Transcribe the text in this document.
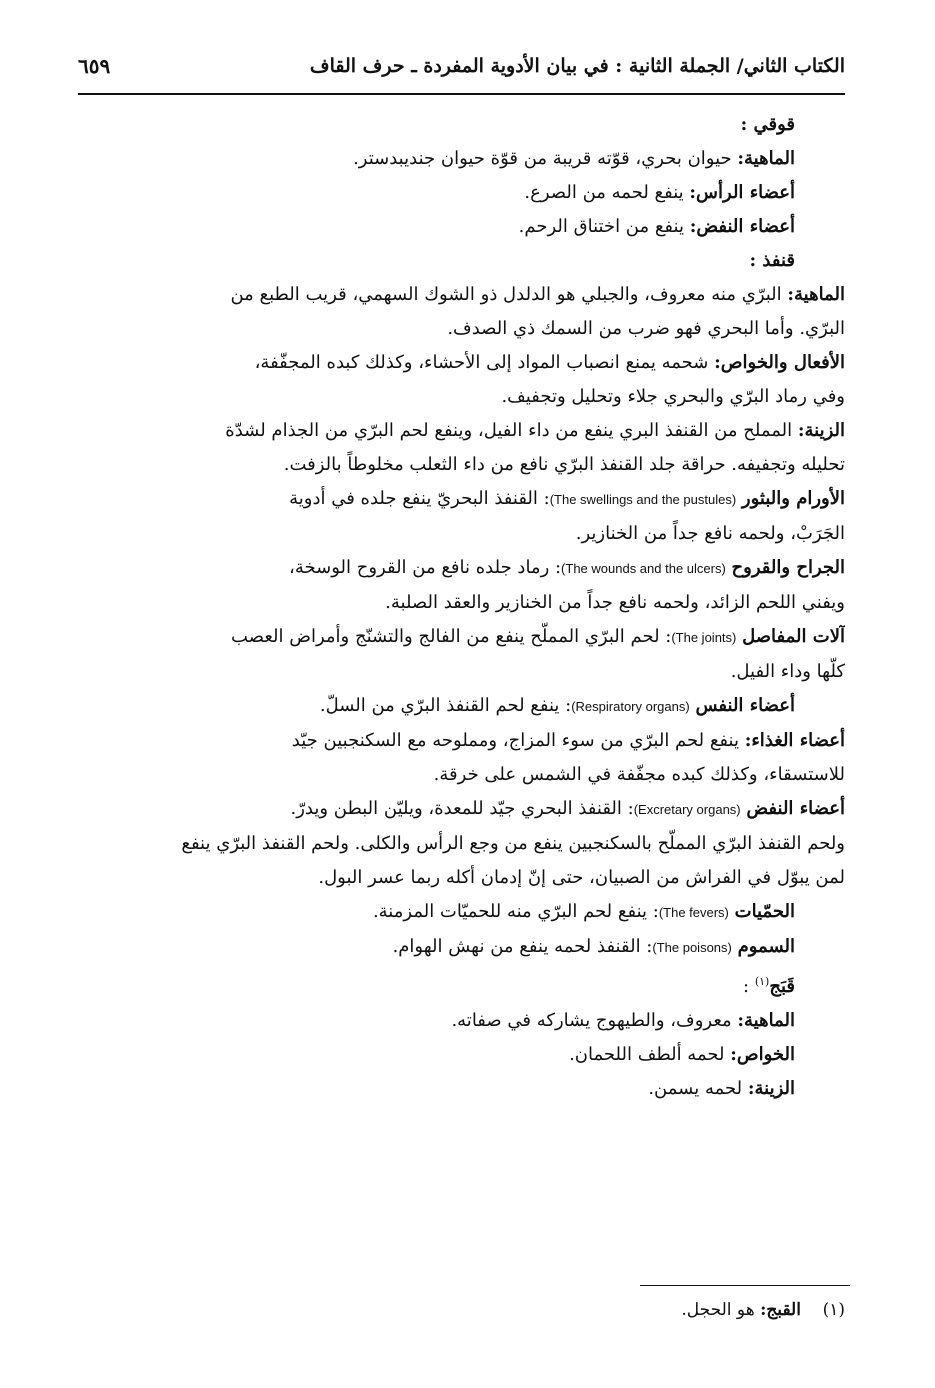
الكتاب الثاني/ الجملة الثانية : في بيان الأدوية المفردة ـ حرف القاف
٦٥٩
قوقي :
الماهية: حيوان بحري، قوّته قريبة من قوّة حيوان جنديبدستر.
أعضاء الرأس: ينفع لحمه من الصرع.
أعضاء النفض: ينفع من اختناق الرحم.
قنفذ :
الماهية: البرّي منه معروف، والجبلي هو الدلدل ذو الشوك السهمي، قريب الطبع من
البرّي. وأما البحري فهو ضرب من السمك ذي الصدف.
الأفعال والخواص: شحمه يمنع انصباب المواد إلى الأحشاء، وكذلك كبده المجفّفة،
وفي رماد البرّي والبحري جلاء وتحليل وتجفيف.
الزينة: المملح من القنفذ البري ينفع من داء الفيل، وينفع لحم البرّي من الجذام لشدّة
تحليله وتجفيفه. حراقة جلد القنفذ البرّي نافع من داء الثعلب مخلوطاً بالزفت.
الأورام والبثور (The swellings and the pustules): القنفذ البحريّ ينفع جلده في أدوية
الجَرَبْ، ولحمه نافع جداً من الخنازير.
الجراح والقروح (The wounds and the ulcers): رماد جلده نافع من القروح الوسخة،
ويفني اللحم الزائد، ولحمه نافع جداً من الخنازير والعقد الصلبة.
آلات المفاصل (The joints): لحم البرّي المملّح ينفع من الفالج والتشنّج وأمراض العصب
كلّها وداء الفيل.
أعضاء النفس (Respiratory organs): ينفع لحم القنفذ البرّي من السلّ.
أعضاء الغذاء: ينفع لحم البرّي من سوء المزاج، ومملوحه مع السكنجبين جيّد
للاستسقاء، وكذلك كبده مجفّفة في الشمس على خرقة.
أعضاء النفض (Excretary organs): القنفذ البحري جيّد للمعدة، ويليّن البطن ويدرّ.
ولحم القنفذ البرّي المملّح بالسكنجبين ينفع من وجع الرأس والكلى. ولحم القنفذ البرّي ينفع
لمن يبوّل في الفراش من الصبيان، حتى إنّ إدمان أكله ربما عسر البول.
الحمّيات (The fevers): ينفع لحم البرّي منه للحميّات المزمنة.
السموم (The poisons): القنفذ لحمه ينفع من نهش الهوام.
قَبَج$^{(١)}$ :
الماهية: معروف، والطيهوج يشاركه في صفاته.
الخواص: لحمه ألطف اللحمان.
الزينة: لحمه يسمن.
(١)    القبج: هو الحجل.
